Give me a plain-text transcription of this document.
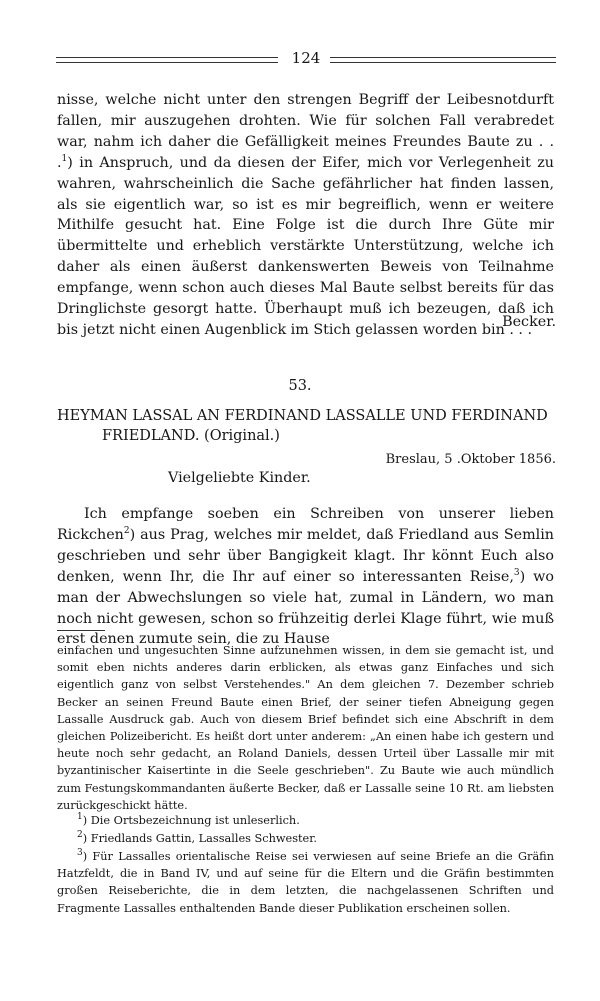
124

nisse, welche nicht unter den strengen Begriff der Leibesnotdurft fallen, mir auszugehen drohten. Wie für solchen Fall verabredet war, nahm ich daher die Gefälligkeit meines Freundes Baute zu . . .$^1$) in Anspruch, und da diesen der Eifer, mich vor Verlegenheit zu wahren, wahrscheinlich die Sache gefährlicher hat finden lassen, als sie eigentlich war, so ist es mir begreiflich, wenn er weitere Mithilfe gesucht hat. Eine Folge ist die durch Ihre Güte mir übermittelte und erheblich verstärkte Unterstützung, welche ich daher als einen äußerst dankenswerten Beweis von Teilnahme empfange, wenn schon auch dieses Mal Baute selbst bereits für das Dringlichste gesorgt hatte. Überhaupt muß ich bezeugen, daß ich bis jetzt nicht einen Augenblick im Stich gelassen worden bin . . .

Becker.
53.
HEYMAN LASSAL AN FERDINAND LASSALLE UND FERDINAND
FRIEDLAND. (Original.)
Breslau, 5 .Oktober 1856.
Vielgeliebte Kinder.

Ich empfange soeben ein Schreiben von unserer lieben Rickchen$^2$) aus Prag, welches mir meldet, daß Friedland aus Semlin geschrieben und sehr über Bangigkeit klagt. Ihr könnt Euch also denken, wenn Ihr, die Ihr auf einer so interessanten Reise,$^3$) wo man der Abwechslungen so viele hat, zumal in Ländern, wo man noch nicht gewesen, schon so frühzeitig derlei Klage führt, wie muß erst denen zumute sein, die zu Hause

einfachen und ungesuchten Sinne aufzunehmen wissen, in dem sie gemacht ist, und somit eben nichts anderes darin erblicken, als etwas ganz Einfaches und sich eigentlich ganz von selbst Verstehendes." An dem gleichen 7. Dezember schrieb Becker an seinen Freund Baute einen Brief, der seiner tiefen Abneigung gegen Lassalle Ausdruck gab. Auch von diesem Brief befindet sich eine Abschrift in dem gleichen Polizeibericht. Es heißt dort unter anderem: „An einen habe ich gestern und heute noch sehr gedacht, an Roland Daniels, dessen Urteil über Lassalle mir mit byzantinischer Kaisertinte in die Seele geschrieben". Zu Baute wie auch mündlich zum Festungskommandanten äußerte Becker, daß er Lassalle seine 10 Rt. am liebsten zurückgeschickt hätte.

$^1$) Die Ortsbezeichnung ist unleserlich.

$^2$) Friedlands Gattin, Lassalles Schwester.

$^3$) Für Lassalles orientalische Reise sei verwiesen auf seine Briefe an die Gräfin Hatzfeldt, die in Band IV, und auf seine für die Eltern und die Gräfin bestimmten großen Reiseberichte, die in dem letzten, die nachgelassenen Schriften und Fragmente Lassalles enthaltenden Bande dieser Publikation erscheinen sollen.
